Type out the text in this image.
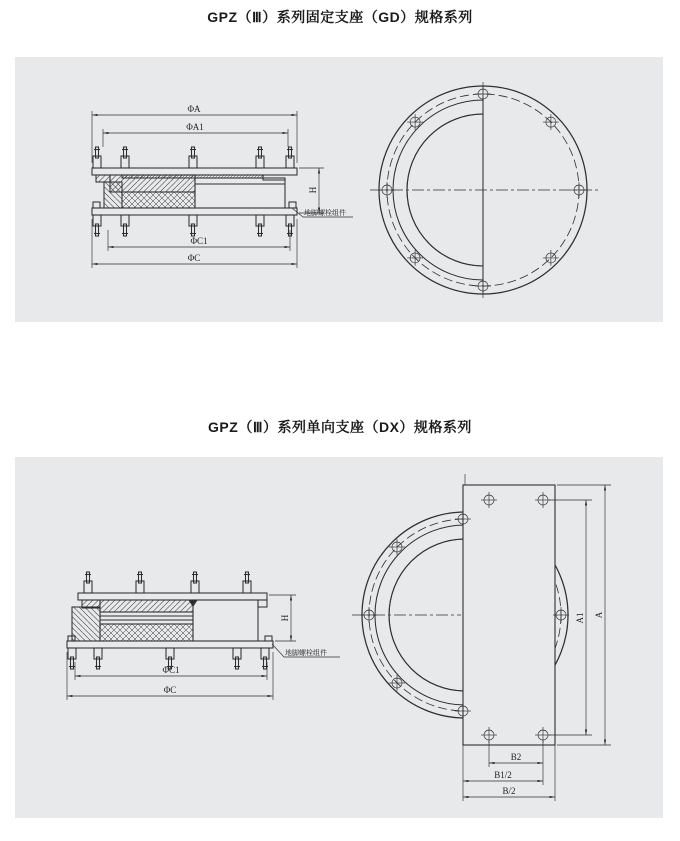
GPZ（Ⅲ）系列固定支座（GD）规格系列
ΦA
ΦA1
ΦC1
ΦC
H
地脚螺栓组件
GPZ（Ⅲ）系列单向支座（DX）规格系列
ΦC1
ΦC
H
地脚螺栓组件
A1 A
B2
B1/2
B/2
